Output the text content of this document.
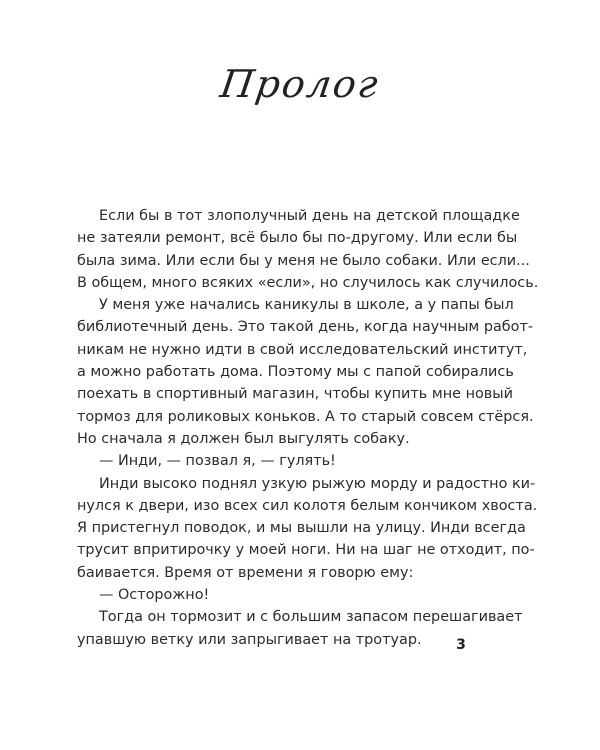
Пролог
Если бы в тот злополучный день на детской площадке
не затеяли ремонт, всё было бы по-другому. Или если бы
была зима. Или если бы у меня не было собаки. Или если...
В общем, много всяких «если», но случилось как случилось.
У меня уже начались каникулы в школе, а у папы был
библиотечный день. Это такой день, когда научным работ-
никам не нужно идти в свой исследовательский институт,
а можно работать дома. Поэтому мы с папой собирались
поехать в спортивный магазин, чтобы купить мне новый
тормоз для роликовых коньков. А то старый совсем стёрся.
Но сначала я должен был выгулять собаку.
— Инди, — позвал я, — гулять!
Инди высоко поднял узкую рыжую морду и радостно ки-
нулся к двери, изо всех сил колотя белым кончиком хвоста.
Я пристегнул поводок, и мы вышли на улицу. Инди всегда
трусит впритирочку у моей ноги. Ни на шаг не отходит, по-
баивается. Время от времени я говорю ему:
— Осторожно!
Тогда он тормозит и с большим запасом перешагивает
упавшую ветку или запрыгивает на тротуар.	3
